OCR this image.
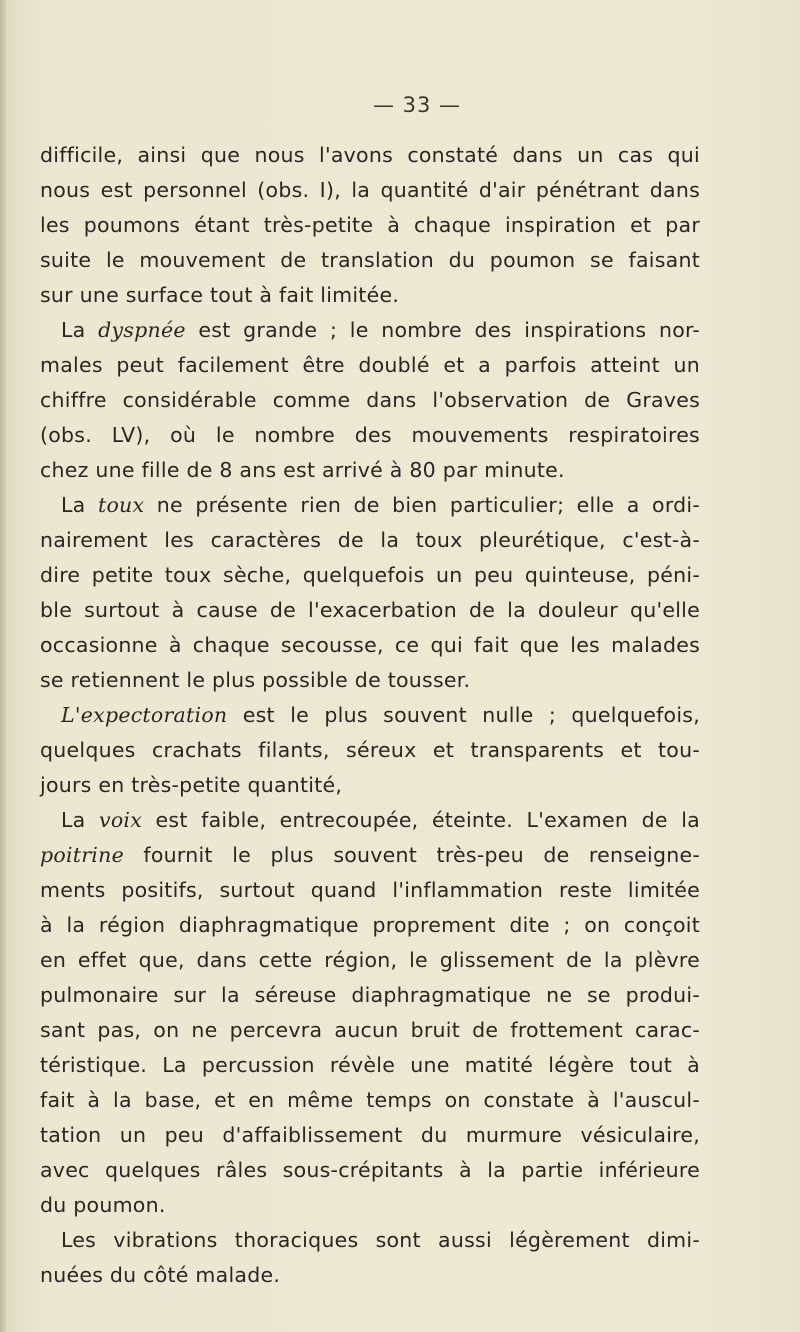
— 33 —
difficile, ainsi que nous l'avons constaté dans un cas qui
nous est personnel (obs. I), la quantité d'air pénétrant dans
les poumons étant très-petite à chaque inspiration et par
suite le mouvement de translation du poumon se faisant
sur une surface tout à fait limitée.
La dyspnée est grande ; le nombre des inspirations nor-
males peut facilement être doublé et a parfois atteint un
chiffre considérable comme dans l'observation de Graves
(obs. LV), où le nombre des mouvements respiratoires
chez une fille de 8 ans est arrivé à 80 par minute.
La toux ne présente rien de bien particulier; elle a ordi-
nairement les caractères de la toux pleurétique, c'est-à-
dire petite toux sèche, quelquefois un peu quinteuse, péni-
ble surtout à cause de l'exacerbation de la douleur qu'elle
occasionne à chaque secousse, ce qui fait que les malades
se retiennent le plus possible de tousser.
L'expectoration est le plus souvent nulle ; quelquefois,
quelques crachats filants, séreux et transparents et tou-
jours en très-petite quantité,
La voix est faible, entrecoupée, éteinte. L'examen de la
poitrine fournit le plus souvent très-peu de renseigne-
ments positifs, surtout quand l'inflammation reste limitée
à la région diaphragmatique proprement dite ; on conçoit
en effet que, dans cette région, le glissement de la plèvre
pulmonaire sur la séreuse diaphragmatique ne se produi-
sant pas, on ne percevra aucun bruit de frottement carac-
téristique. La percussion révèle une matité légère tout à
fait à la base, et en même temps on constate à l'auscul-
tation un peu d'affaiblissement du murmure vésiculaire,
avec quelques râles sous-crépitants à la partie inférieure
du poumon.
Les vibrations thoraciques sont aussi légèrement dimi-
nuées du côté malade.
